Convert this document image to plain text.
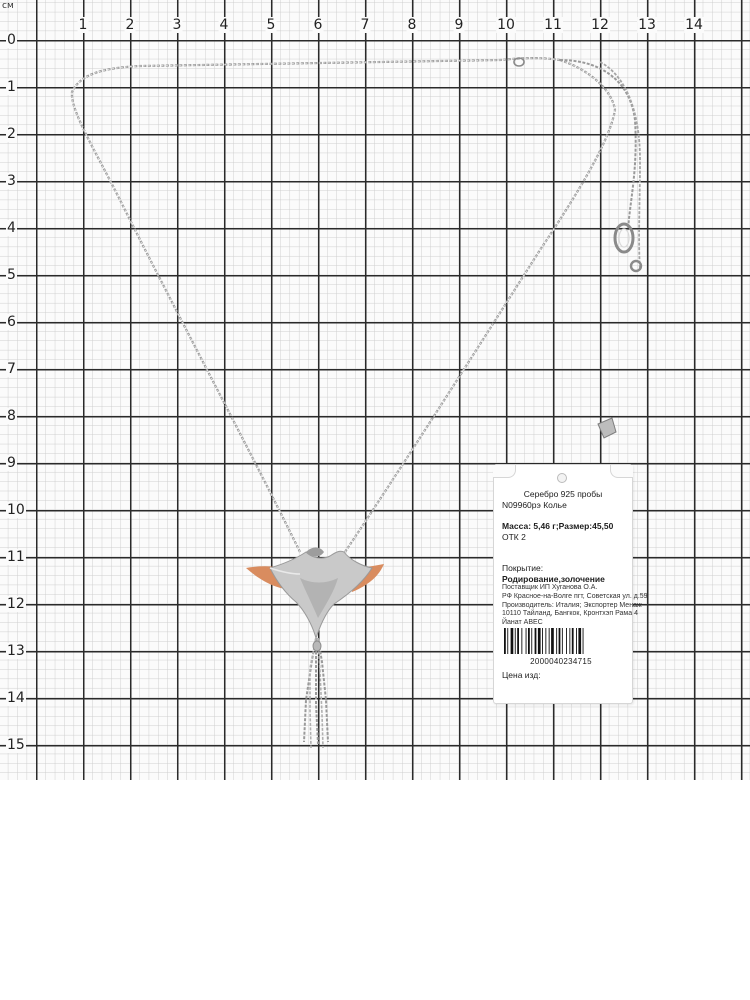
см
1	2	3	4	5	6	7	8	9 10 11 12 13 14
0
1
2
3
4
5
6
7
8
9
10
11
12
13
14
15
Серебро 925 пробы
N09960рэ Колье
Масса: 5,46 г;Размер:45,50
ОТК 2
Покрытие:
Родирование,золочение
Поставщик ИП Хуганова О.А.
РФ Красное-на-Волге пгт, Советская ул. д.59
Производитель: Италия; Экспортер Менаж
10110 Тайланд, Бангкок, Кронтхэп Рама 4
Йанат АВЕС
2000040234715
Цена изд:
